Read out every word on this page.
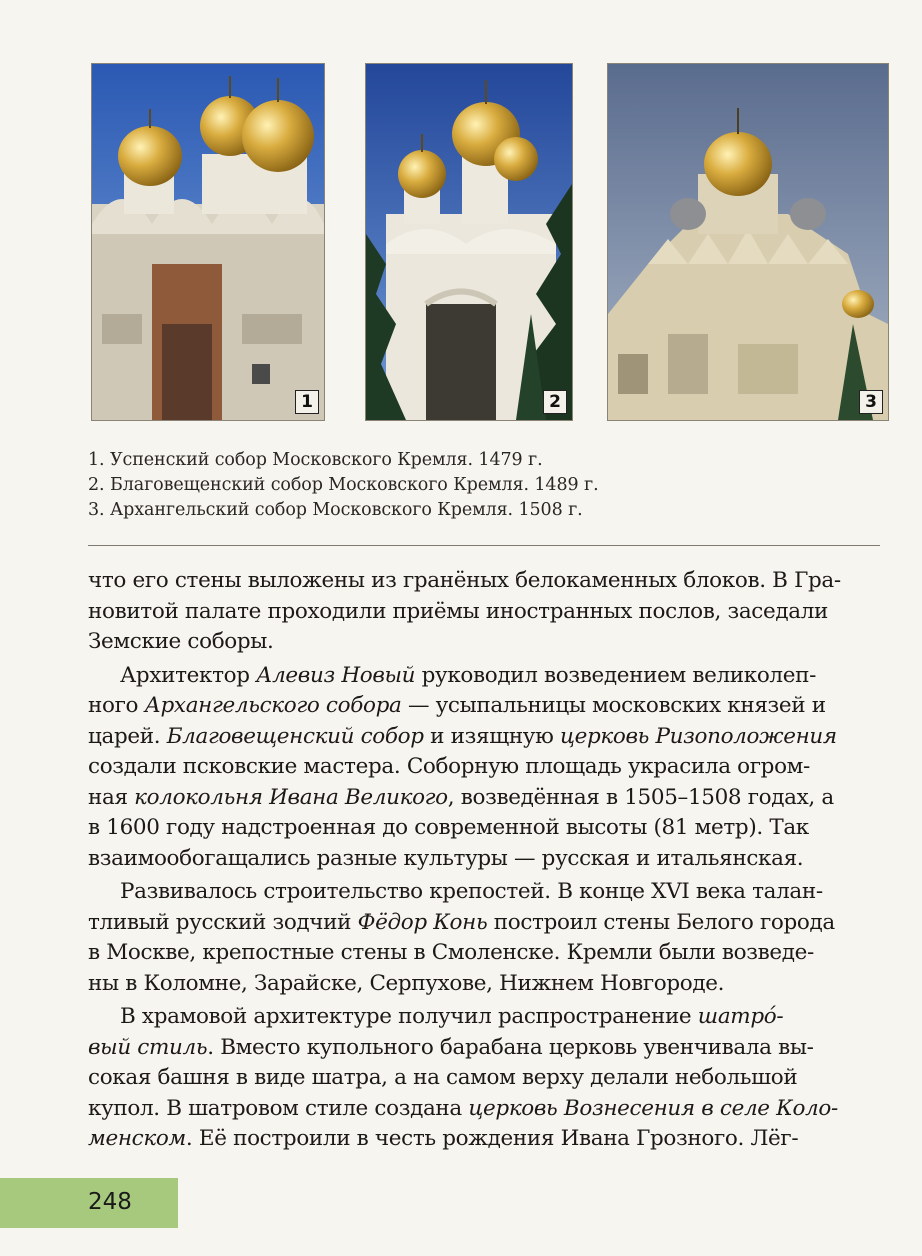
1	2	3
1. Успенский собор Московского Кремля. 1479 г.
2. Благовещенский собор Московского Кремля. 1489 г.
3. Архангельский собор Московского Кремля. 1508 г.
что его стены выложены из гранёных белокаменных блоков. В Гра-
новитой палате проходили приёмы иностранных послов, заседали
Земские соборы.
Архитектор Алевиз Новый руководил возведением великолеп-
ного Архангельского собора — усыпальницы московских князей и
царей. Благовещенский собор и изящную церковь Ризоположения
создали псковские мастера. Соборную площадь украсила огром-
ная колокольня Ивана Великого, возведённая в 1505–1508 годах, а
в 1600 году надстроенная до современной высоты (81 метр). Так
взаимообогащались разные культуры — русская и итальянская.
Развивалось строительство крепостей. В конце XVI века талан-
тливый русский зодчий Фёдор Конь построил стены Белого города
в Москве, крепостные стены в Смоленске. Кремли были возведе-
ны в Коломне, Зарайске, Серпухове, Нижнем Новгороде.
В храмовой архитектуре получил распространение шатро́-
вый стиль. Вместо купольного барабана церковь увенчивала вы-
сокая башня в виде шатра, а на самом верху делали небольшой
купол. В шатровом стиле создана церковь Вознесения в селе Коло-
менском. Её построили в честь рождения Ивана Грозного. Лёг-
248
